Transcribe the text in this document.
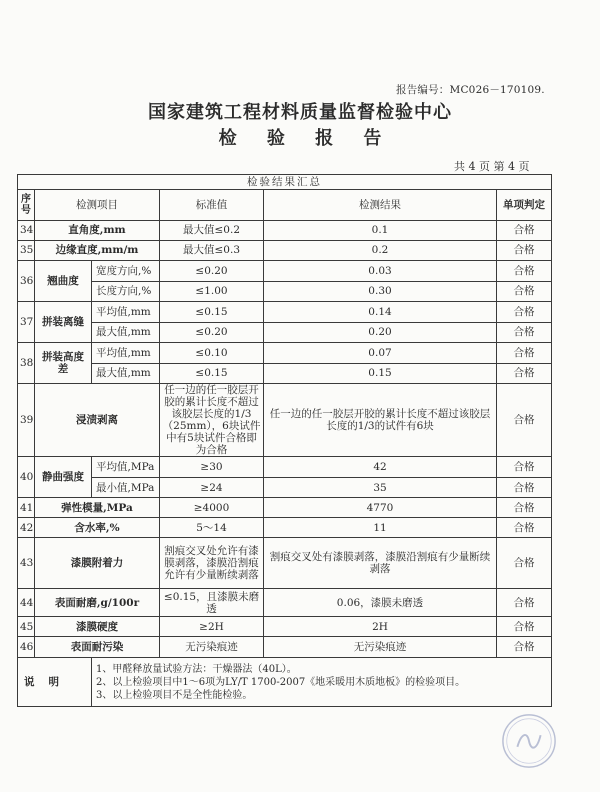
报告编号：MC026－170109.
国家建筑工程材料质量监督检验中心
检 验 报 告
共 4 页 第 4 页
检验结果汇总					
序号	检测项目		标准值	检测结果	单项判定
34	直角度,mm		最大值≤0.2	0.1	合格
35	边缘直度,mm/m		最大值≤0.3	0.2	合格
36	翘曲度	宽度方向,%	≤0.20	0.03	合格
		长度方向,%	≤1.00	0.30	合格
37	拼装离缝	平均值,mm	≤0.15	0.14	合格
		最大值,mm	≤0.20	0.20	合格
38	拼装高度差	平均值,mm	≤0.10	0.07	合格
		最大值,mm	≤0.15	0.15	合格
39	浸渍剥离		任一边的任一胶层开胶的累计长度不超过该胶层长度的1/3（25mm），6块试件中有5块试件合格即为合格	任一边的任一胶层开胶的累计长度不超过该胶层长度的1/3的试件有6块	合格
40	静曲强度	平均值,MPa	≥30	42	合格
		最小值,MPa	≥24	35	合格
41	弹性模量,MPa		≥4000	4770	合格
42	含水率,%		5～14	11	合格
43	漆膜附着力		割痕交叉处允许有漆膜剥落，漆膜沿割痕允许有少量断续剥落	割痕交叉处有漆膜剥落，漆膜沿割痕有少量断续剥落	合格
44	表面耐磨,g/100r		≤0.15，且漆膜未磨透	0.06，漆膜未磨透	合格
45	漆膜硬度		≥2H	2H	合格
46	表面耐污染		无污染痕迹	无污染痕迹	合格
说明		1、甲醛释放量试验方法：干燥器法（40L）。
2、以上检验项目中1～6项为LY/T 1700-2007《地采暖用木质地板》的检验项目。
3、以上检验项目不是全性能检验。			
